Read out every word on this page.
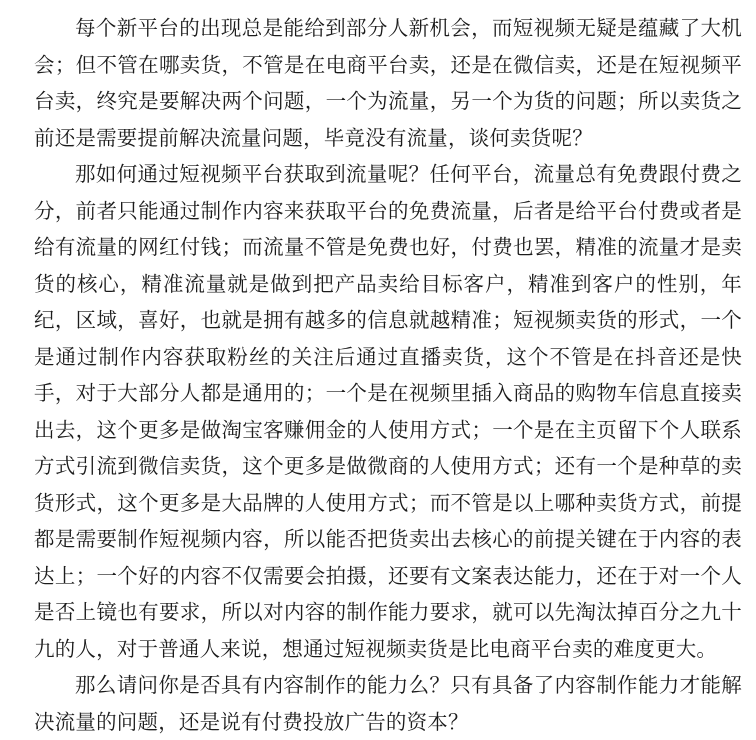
每个新平台的出现总是能给到部分人新机会，而短视频无疑是蕴藏了大机会；但不管在哪卖货，不管是在电商平台卖，还是在微信卖，还是在短视频平台卖，终究是要解决两个问题，一个为流量，另一个为货的问题；所以卖货之前还是需要提前解决流量问题，毕竟没有流量，谈何卖货呢？

那如何通过短视频平台获取到流量呢？任何平台，流量总有免费跟付费之分，前者只能通过制作内容来获取平台的免费流量，后者是给平台付费或者是给有流量的网红付钱；而流量不管是免费也好，付费也罢，精准的流量才是卖货的核心，精准流量就是做到把产品卖给目标客户，精准到客户的性别，年纪，区域，喜好，也就是拥有越多的信息就越精准；短视频卖货的形式，一个是通过制作内容获取粉丝的关注后通过直播卖货，这个不管是在抖音还是快手，对于大部分人都是通用的；一个是在视频里插入商品的购物车信息直接卖出去，这个更多是做淘宝客赚佣金的人使用方式；一个是在主页留下个人联系方式引流到微信卖货，这个更多是做微商的人使用方式；还有一个是种草的卖货形式，这个更多是大品牌的人使用方式；而不管是以上哪种卖货方式，前提都是需要制作短视频内容，所以能否把货卖出去核心的前提关键在于内容的表达上；一个好的内容不仅需要会拍摄，还要有文案表达能力，还在于对一个人是否上镜也有要求，所以对内容的制作能力要求，就可以先淘汰掉百分之九十九的人，对于普通人来说，想通过短视频卖货是比电商平台卖的难度更大。

那么请问你是否具有内容制作的能力么？只有具备了内容制作能力才能解决流量的问题，还是说有付费投放广告的资本？
